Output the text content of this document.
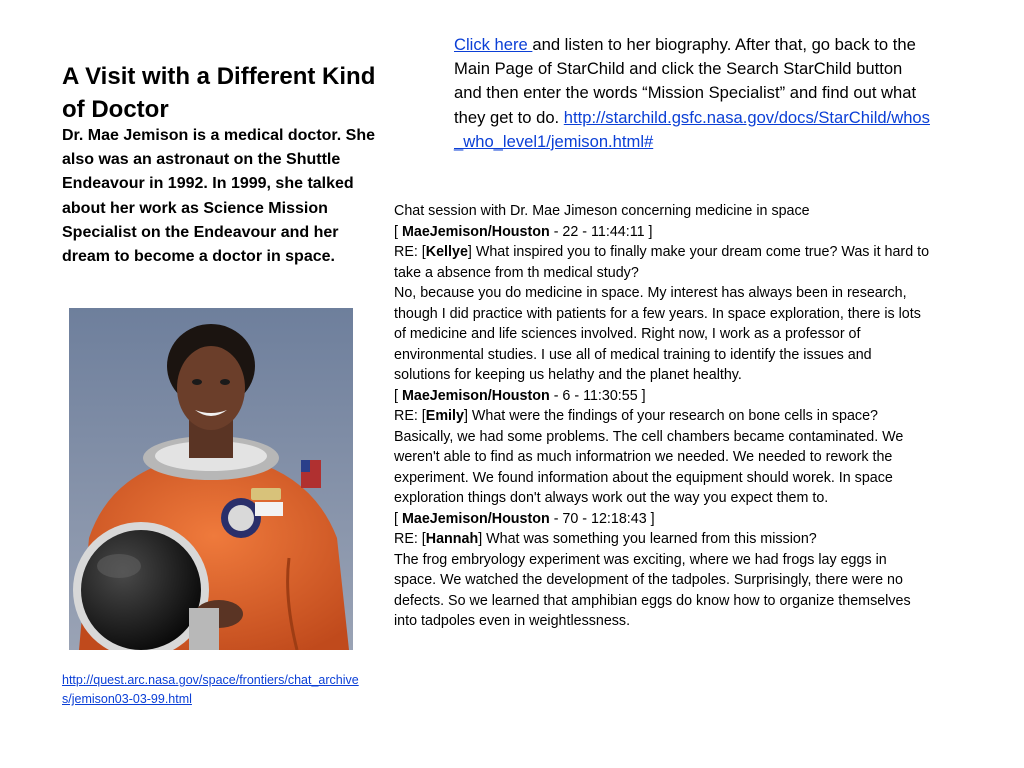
A Visit with a Different Kind of Doctor

Dr. Mae Jemison is a medical doctor. She also was an astronaut on the Shuttle Endeavour in 1992. In 1999, she talked about her work as Science Mission Specialist on the Endeavour and her dream to become a doctor in space.

http://quest.arc.nasa.gov/space/frontiers/chat_archives/jemison03-03-99.html

Click here and listen to her biography. After that, go back to the Main Page of StarChild and click the Search StarChild button and then enter the words “Mission Specialist” and find out what they get to do. http://starchild.gsfc.nasa.gov/docs/StarChild/whos_who_level1/jemison.html#

Chat session with Dr. Mae Jimeson concerning medicine in space

[ MaeJemison/Houston - 22 - 11:44:11 ]

RE: [Kellye] What inspired you to finally make your dream come true? Was it hard to take a absence from th medical study?

No, because you do medicine in space. My interest has always been in research, though I did practice with patients for a few years. In space exploration, there is lots of medicine and life sciences involved. Right now, I work as a professor of environmental studies. I use all of medical training to identify the issues and solutions for keeping us helathy and the planet healthy.

[ MaeJemison/Houston - 6 - 11:30:55 ]

RE: [Emily] What were the findings of your research on bone cells in space?

Basically, we had some problems. The cell chambers became contaminated. We weren't able to find as much informatrion we needed. We needed to rework the experiment. We found information about the equipment should worek. In space exploration things don't always work out the way you expect them to.

[ MaeJemison/Houston - 70 - 12:18:43 ]

RE: [Hannah] What was something you learned from this mission?

The frog embryology experiment was exciting, where we had frogs lay eggs in space. We watched the development of the tadpoles. Surprisingly, there were no defects. So we learned that amphibian eggs do know how to organize themselves into tadpoles even in weightlessness.
